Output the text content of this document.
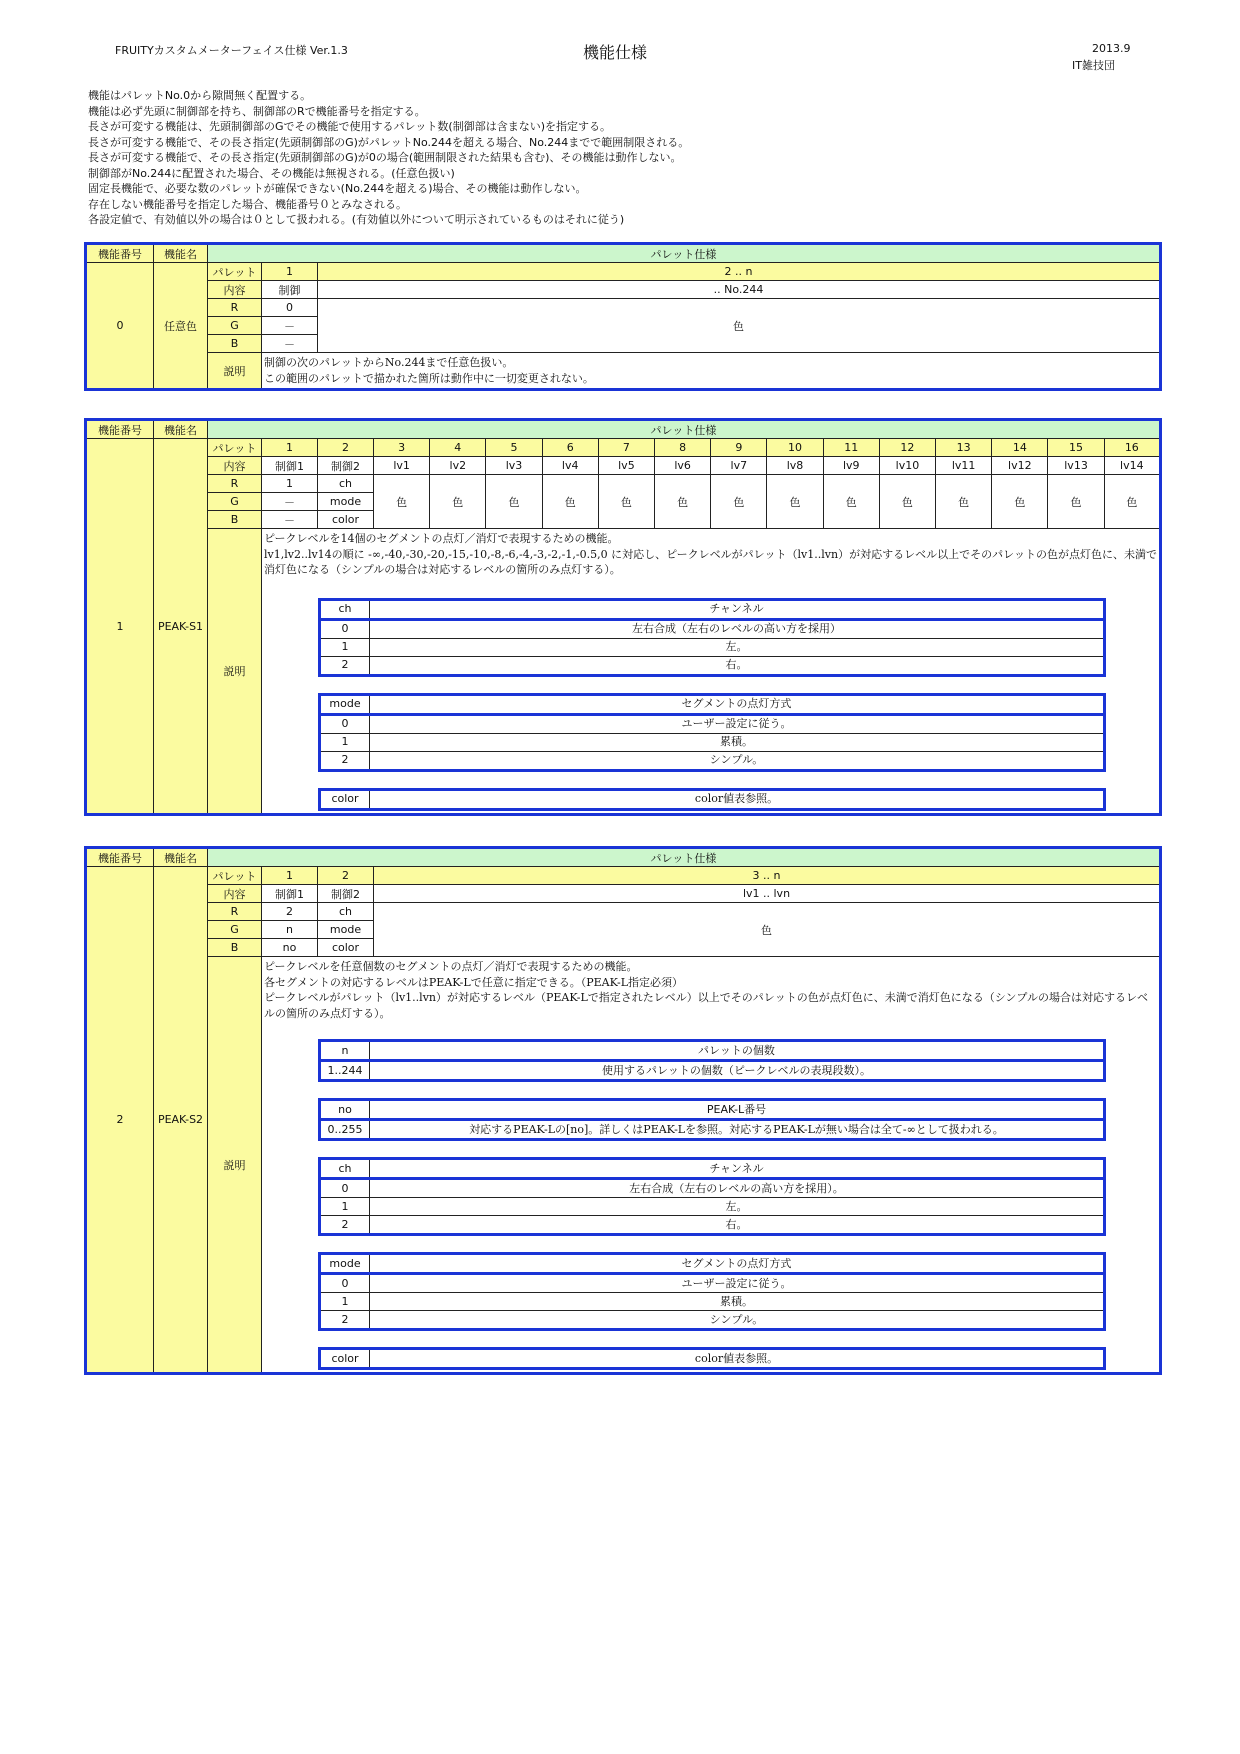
FRUITYカスタムメーターフェイス仕様 Ver.1.3	機能仕様	2013.9
IT雑技団
機能はパレットNo.0から隙間無く配置する。
機能は必ず先頭に制御部を持ち、制御部のRで機能番号を指定する。
長さが可変する機能は、先頭制御部のGでその機能で使用するパレット数(制御部は含まない)を指定する。
長さが可変する機能で、その長さ指定(先頭制御部のG)がパレットNo.244を超える場合、No.244までで範囲制限される。
長さが可変する機能で、その長さ指定(先頭制御部のG)が0の場合(範囲制限された結果も含む)、その機能は動作しない。
制御部がNo.244に配置された場合、その機能は無視される。(任意色扱い)
固定長機能で、必要な数のパレットが確保できない(No.244を超える)場合、その機能は動作しない。
存在しない機能番号を指定した場合、機能番号０とみなされる。
各設定値で、有効値以外の場合は０として扱われる。(有効値以外について明示されているものはそれに従う)
機能番号	機能名	パレット仕様		
0	任意色	パレット	1	2 .. n
		内容	制御	.. No.244
		R	0	色
		G	－	
		B	－	
		説明	制御の次のパレットからNo.244まで任意色扱い。

この範囲のパレットで描かれた箇所は動作中に一切変更されない。	

機能番号	機能名	パレット仕様
1	PEAK-S1	パレット	1	2	3	4	5	6	7	8	9	10	11	12	13	14	15	16
内容	制御1	制御2	lv1	lv2	lv3	lv4	lv5	lv6	lv7	lv8	lv9	lv10	lv11	lv12	lv13	lv14
R	1	ch	色	色	色	色	色	色	色	色	色	色	色	色	色	色
G	－	mode
B	－	color
説明	

ピークレベルを14個のセグメントの点灯／消灯で表現するための機能。

lv1,lv2..lv14の順に -∞,-40,-30,-20,-15,-10,-8,-6,-4,-3,-2,-1,-0.5,0 に対応し、ピークレベルがパレット（lv1..lvn）が対応するレベル以上でそのパレットの色が点灯色に、未満で消灯色になる（シンプルの場合は対応するレベルの箇所のみ点灯する）。

ch	チャンネル
0	左右合成（左右のレベルの高い方を採用）
1	左。
2	右。
mode	セグメントの点灯方式
0	ユーザー設定に従う。
1	累積。
2	シンプル。
color	color値表参照。
機能番号	機能名	パレット仕様
2	PEAK-S2	パレット	1	2	3 .. n
内容	制御1	制御2	lv1 .. lvn
R	2	ch	色
G	n	mode
B	no	color
説明	

ピークレベルを任意個数のセグメントの点灯／消灯で表現するための機能。

各セグメントの対応するレベルはPEAK-Lで任意に指定できる。（PEAK-L指定必須）

ピークレベルがパレット（lv1..lvn）が対応するレベル（PEAK-Lで指定されたレベル）以上でそのパレットの色が点灯色に、未満で消灯色になる（シンプルの場合は対応するレベルの箇所のみ点灯する）。

n	パレットの個数
1..244	使用するパレットの個数（ピークレベルの表現段数）。
no	PEAK-L番号
0..255	対応するPEAK-Lの[no]。詳しくはPEAK-Lを参照。対応するPEAK-Lが無い場合は全て-∞として扱われる。
ch	チャンネル
0	左右合成（左右のレベルの高い方を採用）。
1	左。
2	右。
mode	セグメントの点灯方式
0	ユーザー設定に従う。
1	累積。
2	シンプル。
color	color値表参照。
